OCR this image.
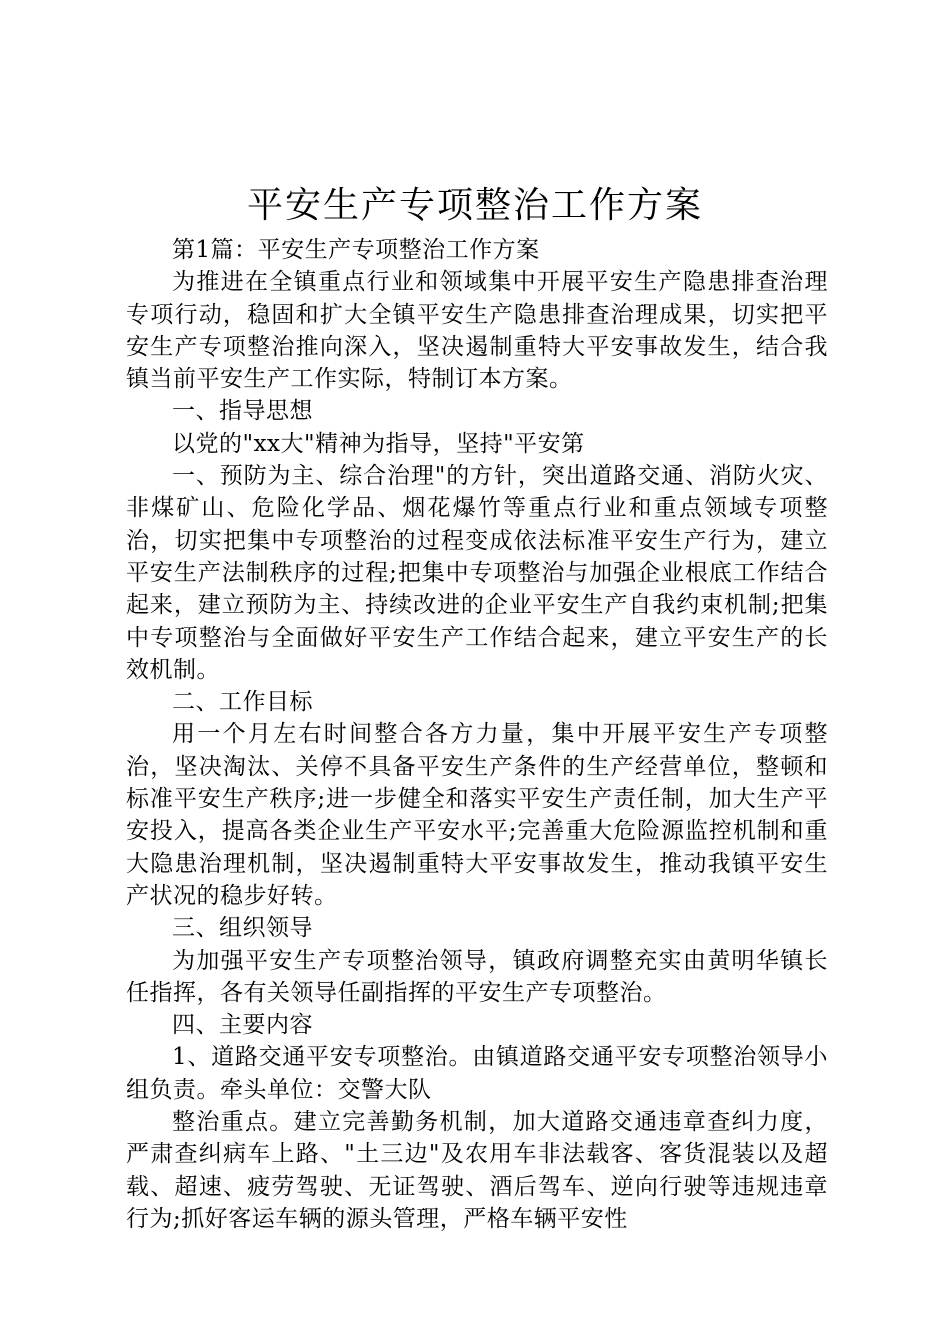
平安生产专项整治工作方案

第1篇：平安生产专项整治工作方案

为推进在全镇重点行业和领域集中开展平安生产隐患排查治理专项行动，稳固和扩大全镇平安生产隐患排查治理成果，切实把平安生产专项整治推向深入，坚决遏制重特大平安事故发生，结合我镇当前平安生产工作实际，特制订本方案。

一、指导思想

以党的"xx大"精神为指导，坚持"平安第

一、预防为主、综合治理"的方针，突出道路交通、消防火灾、非煤矿山、危险化学品、烟花爆竹等重点行业和重点领域专项整治，切实把集中专项整治的过程变成依法标准平安生产行为，建立平安生产法制秩序的过程;把集中专项整治与加强企业根底工作结合起来，建立预防为主、持续改进的企业平安生产自我约束机制;把集中专项整治与全面做好平安生产工作结合起来，建立平安生产的长效机制。

二、工作目标

用一个月左右时间整合各方力量，集中开展平安生产专项整治，坚决淘汰、关停不具备平安生产条件的生产经营单位，整顿和标准平安生产秩序;进一步健全和落实平安生产责任制，加大生产平安投入，提高各类企业生产平安水平;完善重大危险源监控机制和重大隐患治理机制，坚决遏制重特大平安事故发生，推动我镇平安生产状况的稳步好转。

三、组织领导

为加强平安生产专项整治领导，镇政府调整充实由黄明华镇长任指挥，各有关领导任副指挥的平安生产专项整治。

四、主要内容

1、道路交通平安专项整治。由镇道路交通平安专项整治领导小组负责。牵头单位：交警大队

整治重点。建立完善勤务机制，加大道路交通违章查纠力度，严肃查纠病车上路、"土三边"及农用车非法载客、客货混装以及超载、超速、疲劳驾驶、无证驾驶、酒后驾车、逆向行驶等违规违章行为;抓好客运车辆的源头管理，严格车辆平安性
